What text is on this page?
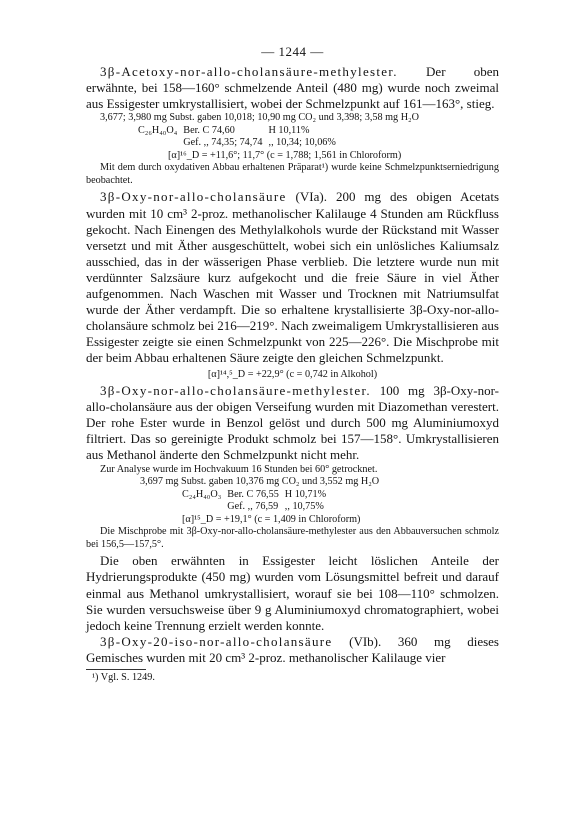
— 1244 —

3β-Acetoxy-nor-allo-cholansäure-methylester. Der oben erwähnte, bei 158—160° schmelzende Anteil (480 mg) wurde noch zweimal aus Essigester umkrystallisiert, wobei der Schmelzpunkt auf 161—163°, stieg.

3,677; 3,980 mg Subst. gaben 10,018; 10,90 mg CO₂ und 3,398; 3,58 mg H₂O
C₂₆H₄₀O₄	Ber. C 74,60	H 10,11%
	Gef. ,, 74,35; 74,74	,, 10,34; 10,06%
[α]¹⁶_D = +11,6°; 11,7° (c = 1,788; 1,561 in Chloroform)
Mit dem durch oxydativen Abbau erhaltenen Präparat¹) wurde keine Schmelzpunktserniedrigung beobachtet.

3β-Oxy-nor-allo-cholansäure (VIa). 200 mg des obigen Acetats wurden mit 10 cm³ 2-proz. methanolischer Kalilauge 4 Stunden am Rückfluss gekocht. Nach Einengen des Methylalkohols wurde der Rückstand mit Wasser versetzt und mit Äther ausgeschüttelt, wobei sich ein unlösliches Kaliumsalz ausschied, das in der wässerigen Phase verblieb. Die letztere wurde nun mit verdünnter Salzsäure kurz aufgekocht und die freie Säure in viel Äther aufgenommen. Nach Waschen mit Wasser und Trocknen mit Natriumsulfat wurde der Äther verdampft. Die so erhaltene krystallisierte 3β-Oxy-nor-allo-cholansäure schmolz bei 216—219°. Nach zweimaligem Umkrystallisieren aus Essigester zeigte sie einen Schmelzpunkt von 225—226°. Die Mischprobe mit der beim Abbau erhaltenen Säure zeigte den gleichen Schmelzpunkt.

[α]¹⁴,⁵_D = +22,9° (c = 0,742 in Alkohol)

3β-Oxy-nor-allo-cholansäure-methylester. 100 mg 3β-Oxy-nor-allo-cholansäure aus der obigen Verseifung wurden mit Diazomethan verestert. Der rohe Ester wurde in Benzol gelöst und durch 500 mg Aluminiumoxyd filtriert. Das so gereinigte Produkt schmolz bei 157—158°. Umkrystallisieren aus Methanol änderte den Schmelzpunkt nicht mehr.

Zur Analyse wurde im Hochvakuum 16 Stunden bei 60° getrocknet.
3,697 mg Subst. gaben 10,376 mg CO₂ und 3,552 mg H₂O
C₂₄H₄₀O₃	Ber. C 76,55	H 10,71%
	Gef. ,, 76,59	,, 10,75%
[α]¹⁵_D = +19,1° (c = 1,409 in Chloroform)
Die Mischprobe mit 3β-Oxy-nor-allo-cholansäure-methylester aus den Abbauversuchen schmolz bei 156,5—157,5°.

Die oben erwähnten in Essigester leicht löslichen Anteile der Hydrierungsprodukte (450 mg) wurden vom Lösungsmittel befreit und darauf einmal aus Methanol umkrystallisiert, worauf sie bei 108—110° schmolzen. Sie wurden versuchsweise über 9 g Aluminiumoxyd chromatographiert, wobei jedoch keine Trennung erzielt werden konnte.

3β-Oxy-20-iso-nor-allo-cholansäure (VIb). 360 mg dieses Gemisches wurden mit 20 cm³ 2-proz. methanolischer Kalilauge vier

¹) Vgl. S. 1249.
